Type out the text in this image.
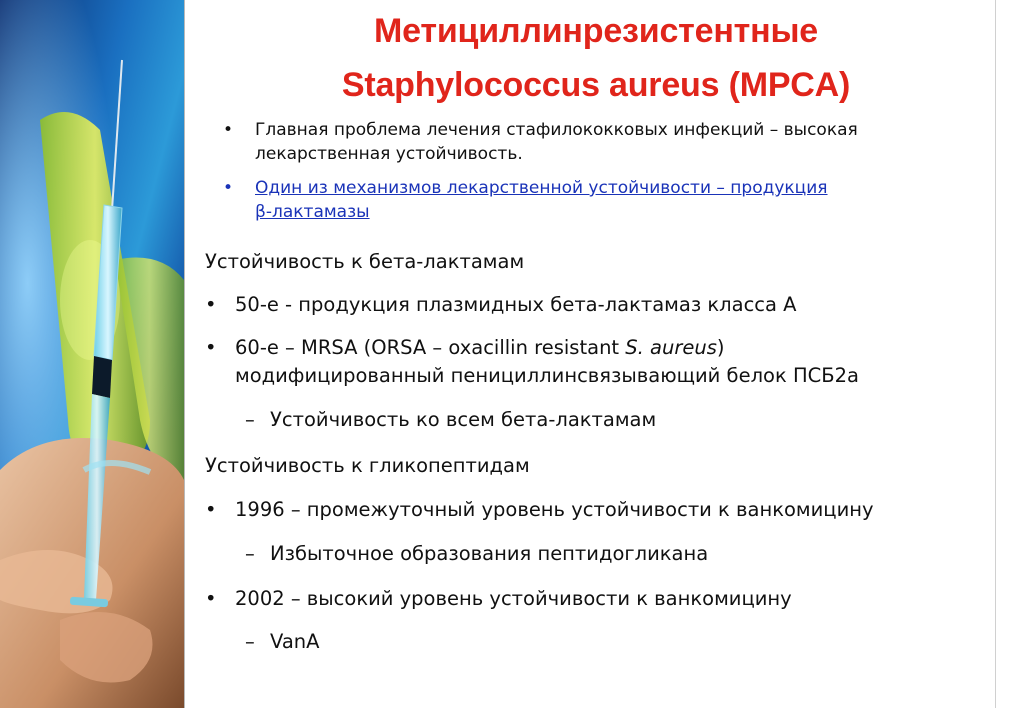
Метициллинрезистентные
Staphylococcus aureus (MPCA)
• Главная проблема лечения стафилококковых инфекций – высокая

лекарственная устойчивость.

• Один из механизмов лекарственной устойчивости – продукция

β-лактамазы

Устойчивость к бета-лактамам

• 50-е - продукция плазмидных бета-лактамаз класса А

• 60-е – MRSA (ORSA – oxacillin resistant S. aureus)

модифицированный пенициллинсвязывающий белок ПСБ2а

– Устойчивость ко всем бета-лактамам

Устойчивость к гликопептидам

• 1996 – промежуточный уровень устойчивости к ванкомицину

– Избыточное образования пептидогликана

• 2002 – высокий уровень устойчивости к ванкомицину

– VanA
